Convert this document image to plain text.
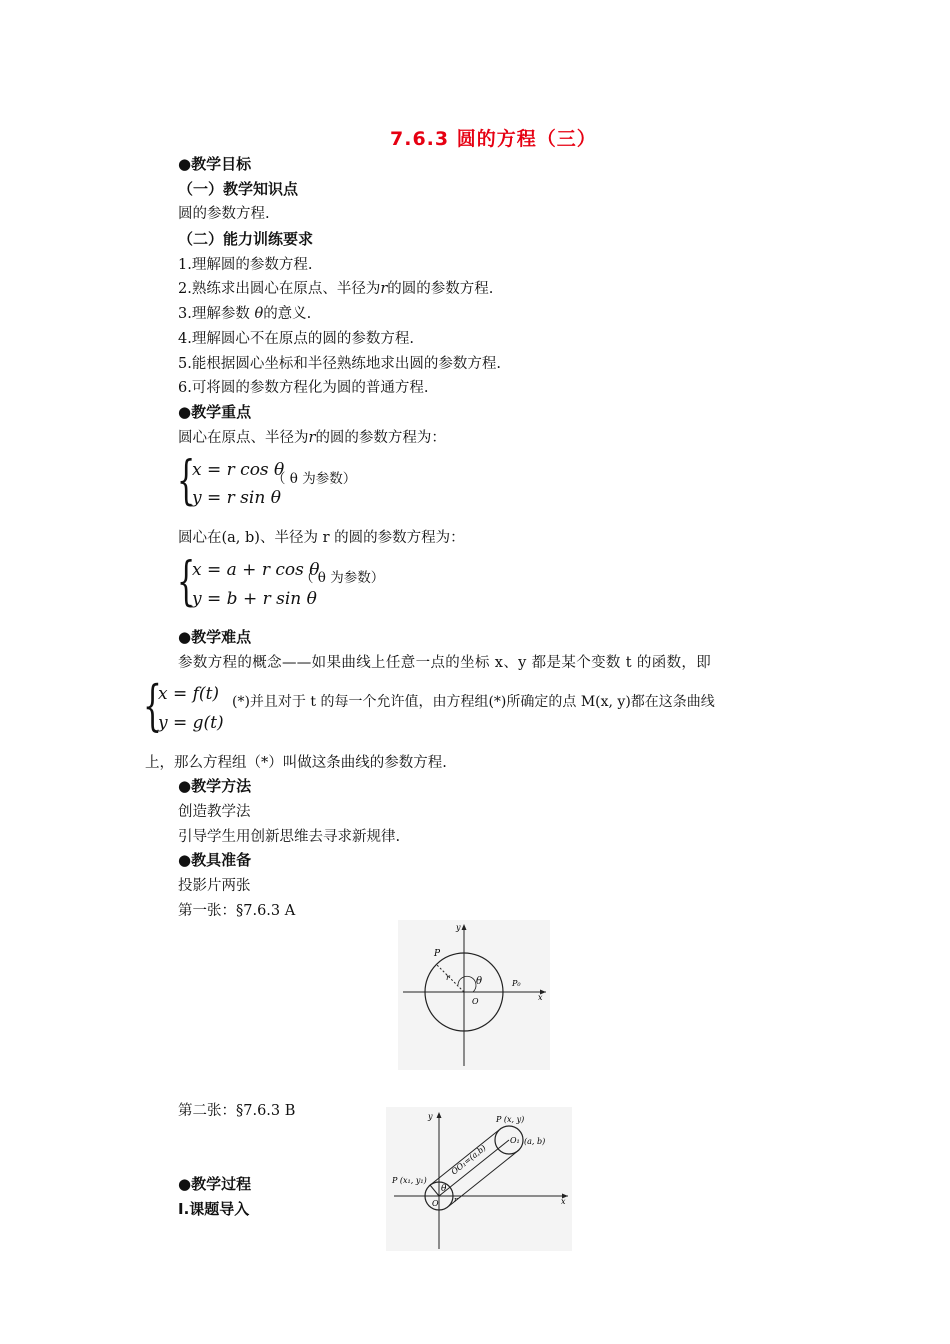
7.6.3 圆的方程（三）
●教学目标
（一）教学知识点
圆的参数方程.
（二）能力训练要求
1.理解圆的参数方程.
2.熟练求出圆心在原点、半径为r的圆的参数方程.
3.理解参数 θ的意义.
4.理解圆心不在原点的圆的参数方程.
5.能根据圆心坐标和半径熟练地求出圆的参数方程.
6.可将圆的参数方程化为圆的普通方程.
●教学重点
圆心在原点、半径为r的圆的参数方程为：
{
x = r cos θ
y = r sin θ
（ θ 为参数）
圆心在(a, b)、半径为 r 的圆的参数方程为：
{
x = a + r cos θ
y = b + r sin θ
（ θ 为参数）
●教学难点
参数方程的概念——如果曲线上任意一点的坐标 x、y 都是某个变数 t 的函数，即
{
x = f(t)
y = g(t)
(*)并且对于 t 的每一个允许值，由方程组(*)所确定的点 M(x, y)都在这条曲线
上，那么方程组（*）叫做这条曲线的参数方程.
●教学方法
创造教学法
引导学生用创新思维去寻求新规律.
●教具准备
投影片两张
第一张：§7.6.3 A
P
r	θ
O
P₀
x
y
第二张：§7.6.3 B
P (x, y)
O₁ (a, b)
OO₁=(a,b)
P (x₁, y₁)
θ
O r	x
y
●教学过程
Ⅰ.课题导入
